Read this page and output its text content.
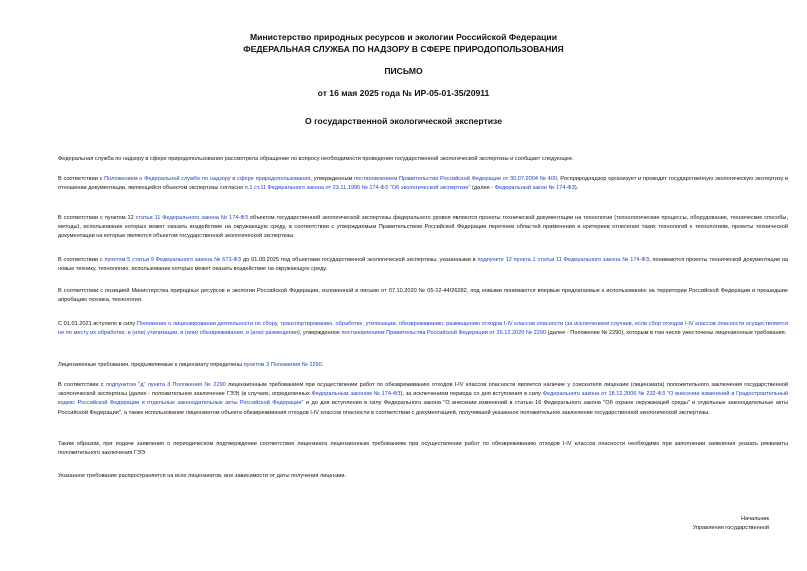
Министерство природных ресурсов и экологии Российской Федерации
ФЕДЕРАЛЬНАЯ СЛУЖБА ПО НАДЗОРУ В СФЕРЕ ПРИРОДОПОЛЬЗОВАНИЯ
ПИСЬМО
от 16 мая 2025 года № ИР-05-01-35/20911
О государственной экологической экспертизе
Федеральная служба по надзору в сфере природопользования рассмотрела обращение по вопросу необходимости проведения государственной экологической экспертизы и сообщает следующее.
В соответствии с Положением о Федеральной службе по надзору в сфере природопользования, утвержденным постановлением Правительства Российской Федерации от 30.07.2004 № 400, Росприроднадзор организует и проводит государственную экологическую экспертизу в отношении документации, являющейся объектом экспертизы согласно п.1 ст.11 Федерального закона от 23.11.1995 № 174-ФЗ "Об экологической экспертизе" (далее - Федеральный закон № 174-ФЗ).
В соответствии с пунктом 12 статьи 11 Федерального закона № 174-ФЗ объектом государственной экологической экспертизы федерального уровня являются проекты технической документации на технологии (технологические процессы, оборудование, технические способы, методы), использование которых может оказать воздействие на окружающую среду, в соответствии с утверждаемым Правительством Российской Федерации перечнем областей применения и критериев отнесения таких технологий к технологиям, проекты технической документации на которые являются объектом государственной экологической экспертизы.
В соответствии с пунктом 5 статьи 9 Федерального закона № 673-ФЗ до 01.09.2025 под объектами государственной экологической экспертизы, указанными в подпункте 12 пункта 1 статьи 11 Федерального закона № 174-ФЗ, понимаются проекты технической документации на новые технику, технологию, использование которых может оказать воздействие на окружающую среду.
В соответствии с позицией Министерства природных ресурсов и экологии Российской Федерации, изложенной в письме от 07.10.2020 № 05-12-44/26282, под новыми понимаются впервые предлагаемые к использованию на территории Российской Федерации и прошедшие апробацию техника, технология.
С 01.01.2021 вступило в силу Положение о лицензировании деятельности по сбору, транспортированию, обработке, утилизации, обезвреживанию, размещению отходов I-IV классов опасности (за исключением случаев, если сбор отходов I-IV классов опасности осуществляется не по месту их обработки, и (или) утилизации, и (или) обезвреживания, и (или) размещения), утвержденное постановлением Правительства Российской Федерации от 26.12.2020 № 2290 (далее - Положение № 2290), которым в том числе ужесточены лицензионные требования.
Лицензионные требования, предъявляемые к лицензиату определены пунктом 3 Положения № 2290.
В соответствии с подпунктом "д" пункта 3 Положения № 2290 лицензионным требованием при осуществлении работ по обезвреживанию отходов I-IV классов опасности является наличие у соискателя лицензии (лицензиата) положительного заключения государственной экологической экспертизы (далее - положительное заключение ГЭЭ) (в случаях, определенных Федеральным законом № 174-ФЗ), за исключением периода со дня вступления в силу Федерального закона от 18.12.2006 № 232-ФЗ "О внесении изменений в Градостроительный кодекс Российской Федерации и отдельные законодательные акты Российской Федерации" и до дня вступления в силу Федерального закона "О внесении изменений в статью 16 Федерального закона "Об охране окружающей среды" и отдельные законодательные акты Российской Федерации", а также использование лицензиатом объекта обезвреживания отходов I-IV классов опасности в соответствии с документацией, получившей указанное положительное заключение государственной экологической экспертизы.
Таким образом, при подаче заявления о периодическом подтверждении соответствия лицензиата лицензионным требованиям при осуществлении работ по обезвреживанию отходов I-IV классов опасности необходимо при заполнении заявления указать реквизиты положительного заключения ГЭЭ.
Указанное требование распространяется на всех лицензиатов, вне зависимости от даты получения лицензии.
Начальник
Управления государственной
